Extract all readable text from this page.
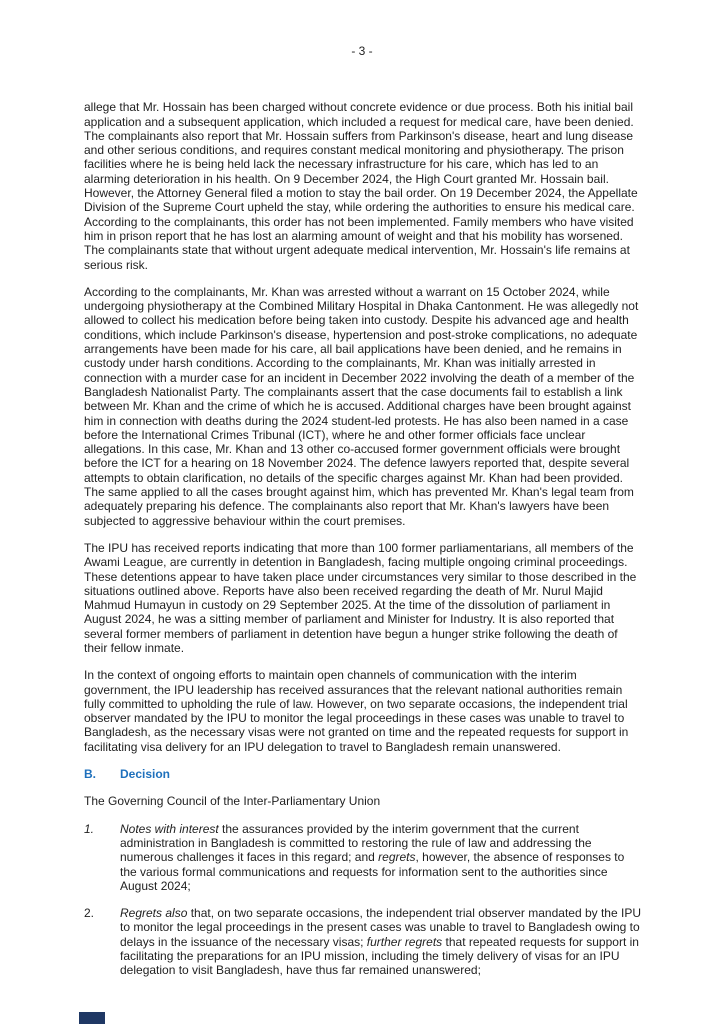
- 3 -

allege that Mr. Hossain has been charged without concrete evidence or due process. Both his initial bail application and a subsequent application, which included a request for medical care, have been denied. The complainants also report that Mr. Hossain suffers from Parkinson's disease, heart and lung disease and other serious conditions, and requires constant medical monitoring and physiotherapy. The prison facilities where he is being held lack the necessary infrastructure for his care, which has led to an alarming deterioration in his health. On 9 December 2024, the High Court granted Mr. Hossain bail. However, the Attorney General filed a motion to stay the bail order. On 19 December 2024, the Appellate Division of the Supreme Court upheld the stay, while ordering the authorities to ensure his medical care. According to the complainants, this order has not been implemented. Family members who have visited him in prison report that he has lost an alarming amount of weight and that his mobility has worsened. The complainants state that without urgent adequate medical intervention, Mr. Hossain's life remains at serious risk.

According to the complainants, Mr. Khan was arrested without a warrant on 15 October 2024, while undergoing physiotherapy at the Combined Military Hospital in Dhaka Cantonment. He was allegedly not allowed to collect his medication before being taken into custody. Despite his advanced age and health conditions, which include Parkinson's disease, hypertension and post-stroke complications, no adequate arrangements have been made for his care, all bail applications have been denied, and he remains in custody under harsh conditions. According to the complainants, Mr. Khan was initially arrested in connection with a murder case for an incident in December 2022 involving the death of a member of the Bangladesh Nationalist Party. The complainants assert that the case documents fail to establish a link between Mr. Khan and the crime of which he is accused. Additional charges have been brought against him in connection with deaths during the 2024 student-led protests. He has also been named in a case before the International Crimes Tribunal (ICT), where he and other former officials face unclear allegations. In this case, Mr. Khan and 13 other co-accused former government officials were brought before the ICT for a hearing on 18 November 2024. The defence lawyers reported that, despite several attempts to obtain clarification, no details of the specific charges against Mr. Khan had been provided. The same applied to all the cases brought against him, which has prevented Mr. Khan's legal team from adequately preparing his defence. The complainants also report that Mr. Khan's lawyers have been subjected to aggressive behaviour within the court premises.

The IPU has received reports indicating that more than 100 former parliamentarians, all members of the Awami League, are currently in detention in Bangladesh, facing multiple ongoing criminal proceedings. These detentions appear to have taken place under circumstances very similar to those described in the situations outlined above. Reports have also been received regarding the death of Mr. Nurul Majid Mahmud Humayun in custody on 29 September 2025. At the time of the dissolution of parliament in August 2024, he was a sitting member of parliament and Minister for Industry. It is also reported that several former members of parliament in detention have begun a hunger strike following the death of their fellow inmate.

In the context of ongoing efforts to maintain open channels of communication with the interim government, the IPU leadership has received assurances that the relevant national authorities remain fully committed to upholding the rule of law. However, on two separate occasions, the independent trial observer mandated by the IPU to monitor the legal proceedings in these cases was unable to travel to Bangladesh, as the necessary visas were not granted on time and the repeated requests for support in facilitating visa delivery for an IPU delegation to travel to Bangladesh remain unanswered.

B.	Decision

The Governing Council of the Inter-Parliamentary Union

1.	Notes with interest the assurances provided by the interim government that the current administration in Bangladesh is committed to restoring the rule of law and addressing the numerous challenges it faces in this regard; and regrets, however, the absence of responses to the various formal communications and requests for information sent to the authorities since August 2024;
2.	Regrets also that, on two separate occasions, the independent trial observer mandated by the IPU to monitor the legal proceedings in the present cases was unable to travel to Bangladesh owing to delays in the issuance of the necessary visas; further regrets that repeated requests for support in facilitating the preparations for an IPU mission, including the timely delivery of visas for an IPU delegation to visit Bangladesh, have thus far remained unanswered;
